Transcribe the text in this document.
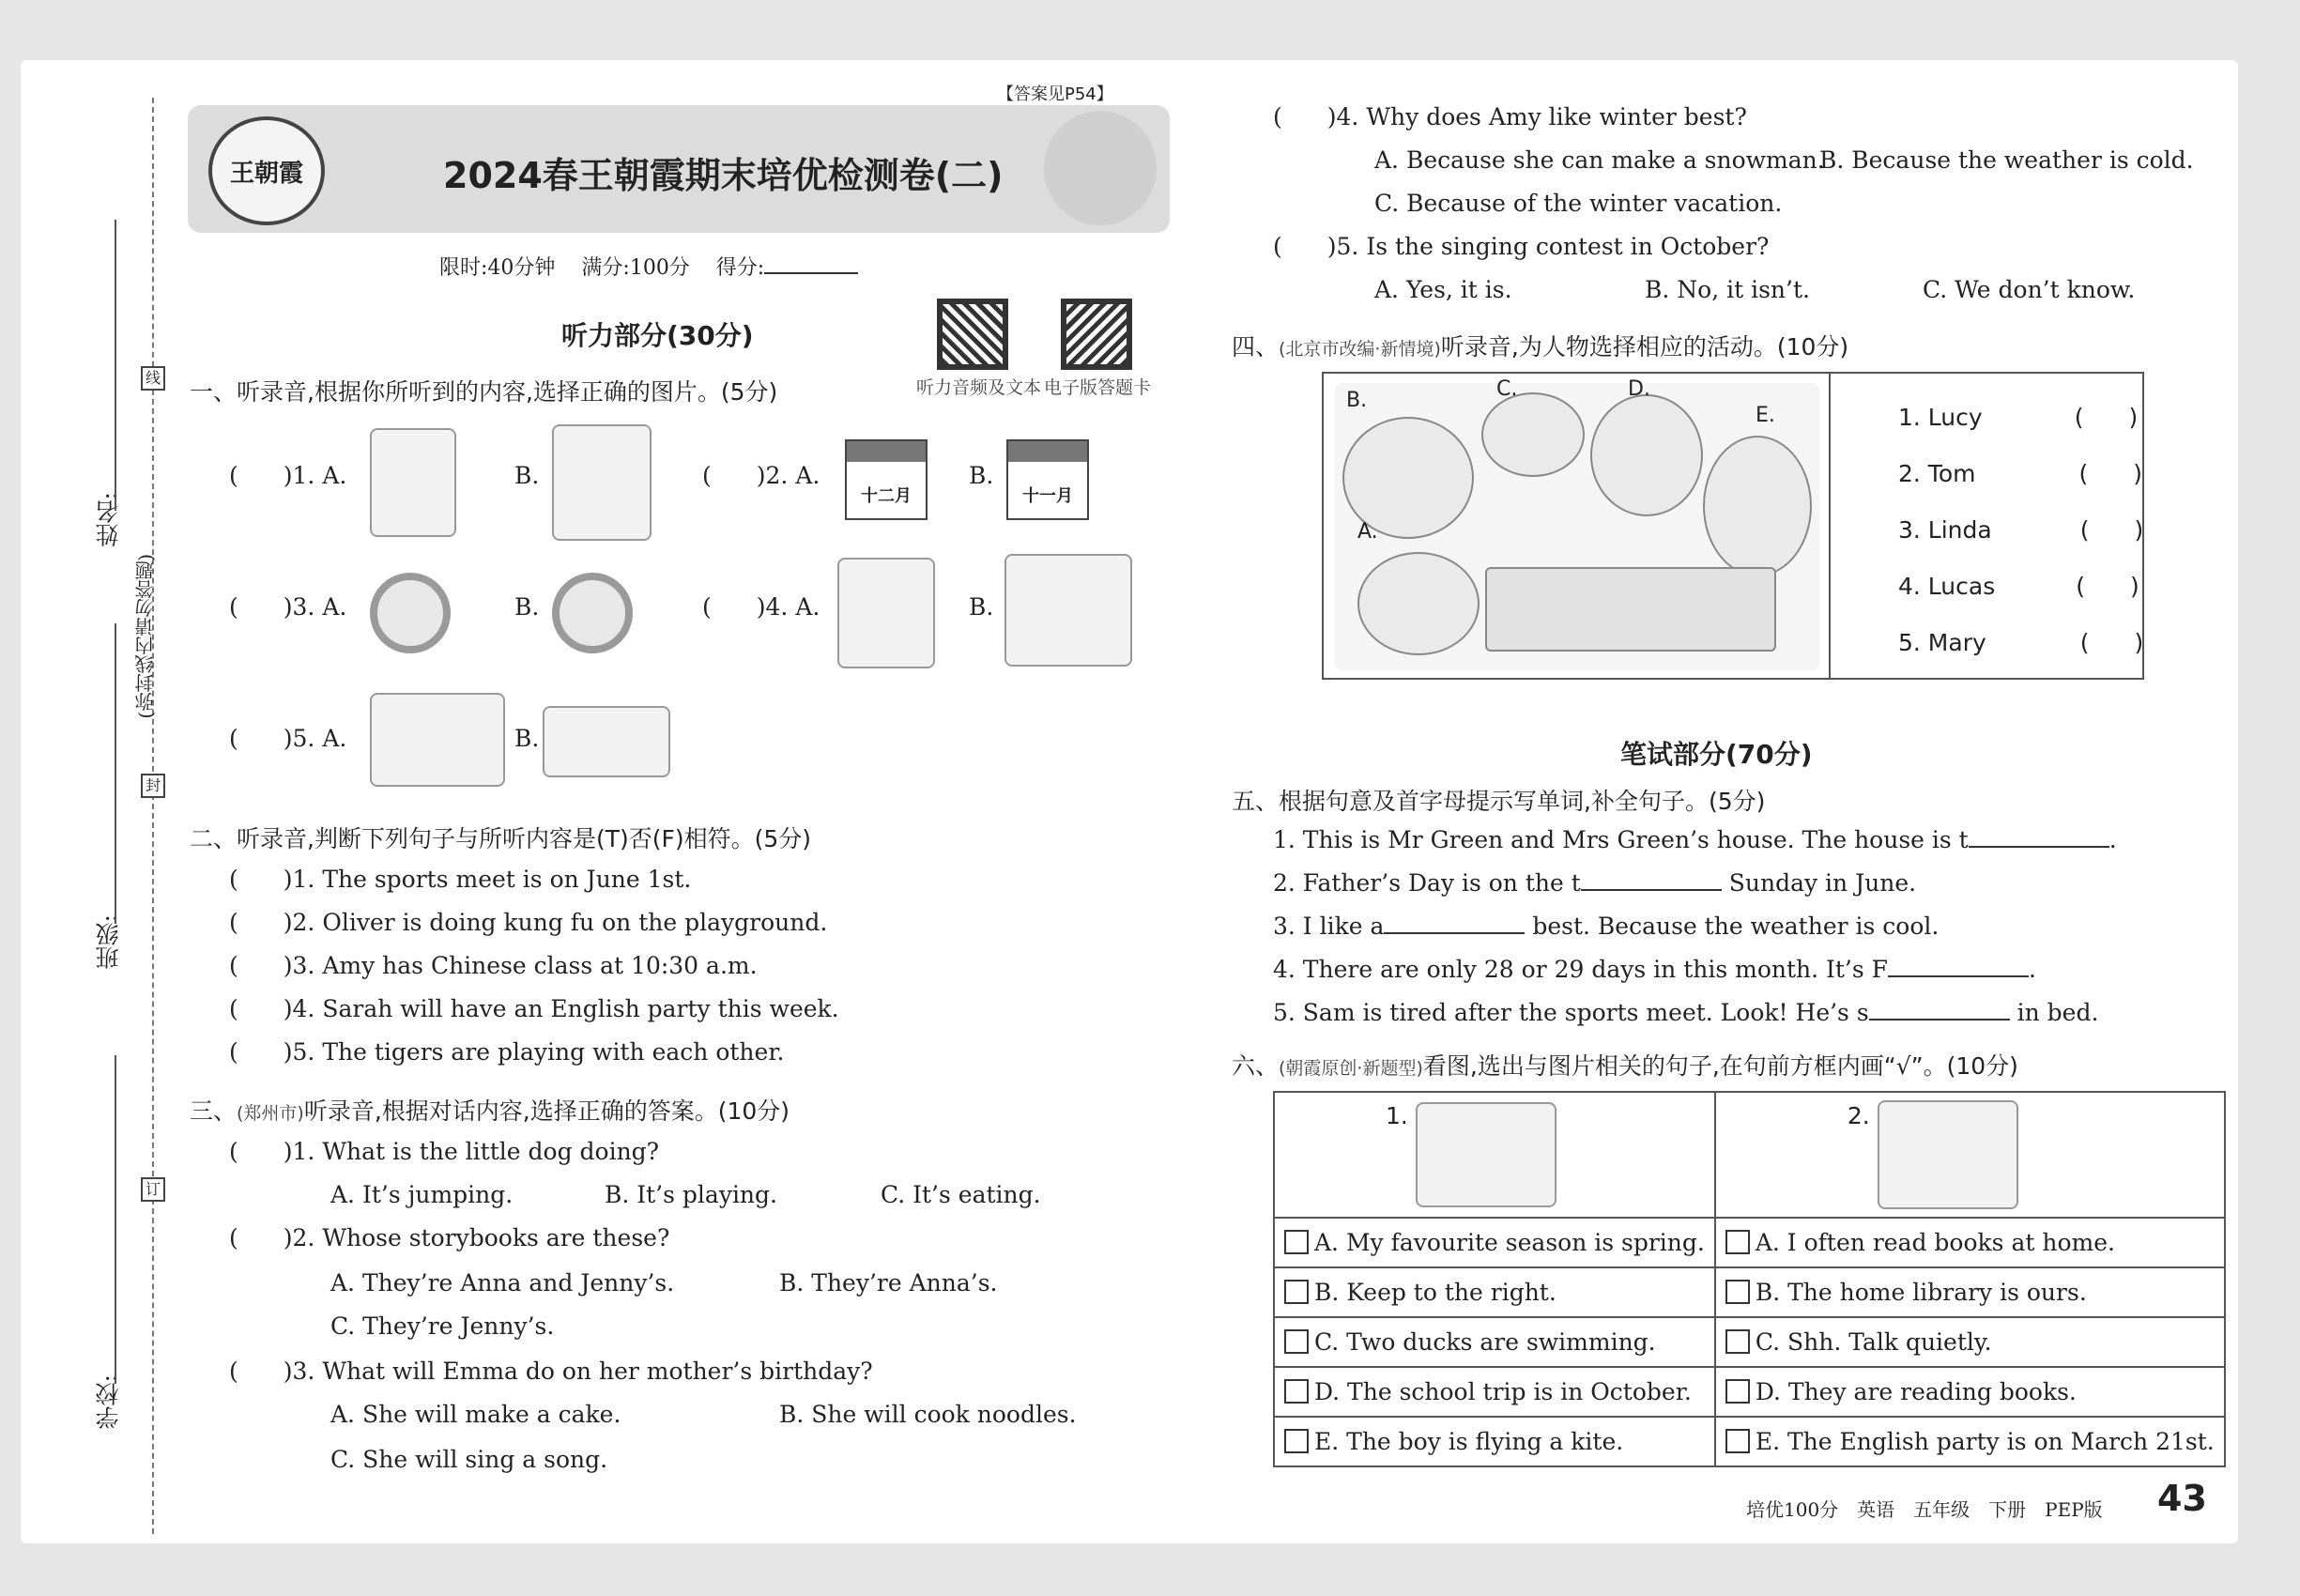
姓名:
班级:
学校:
(弥封线内请勿答题)
线
封
订
【答案见P54】
王朝霞	2024春王朝霞期末培优检测卷(二)
限时:40分钟 满分:100分 得分:
听力部分(30分)
听力音频及文本 电子版答题卡
一、听录音,根据你所听到的内容,选择正确的图片。(5分)
( )1. A.	B.	( )2. A.
十二月
B.
十一月
( )3. A.	B.	( )4. A.	B.
( )5. A.	B.
二、听录音,判断下列句子与所听内容是(T)否(F)相符。(5分)
( )1. The sports meet is on June 1st.
( )2. Oliver is doing kung fu on the playground.
( )3. Amy has Chinese class at 10:30 a.m.
( )4. Sarah will have an English party this week.
( )5. The tigers are playing with each other.
三、(郑州市)听录音,根据对话内容,选择正确的答案。(10分)
( )1. What is the little dog doing?
A. It’s jumping.	B. It’s playing.	C. It’s eating.
( )2. Whose storybooks are these?
A. They’re Anna and Jenny’s.	B. They’re Anna’s.
C. They’re Jenny’s.
( )3. What will Emma do on her mother’s birthday?
A. She will make a cake.	B. She will cook noodles.
C. She will sing a song.
( )4. Why does Amy like winter best?
A. Because she can make a snowman.
B. Because the weather is cold.
C. Because of the winter vacation.
( )5. Is the singing contest in October?
A. Yes, it is.	B. No, it isn’t.	C. We don’t know.
四、(北京市改编·新情境)听录音,为人物选择相应的活动。(10分)
B.	C.	D.
E.
A.
1. Lucy	( )
2. Tom	( )
3. Linda	( )
4. Lucas	( )
5. Mary	( )
笔试部分(70分)
五、根据句意及首字母提示写单词,补全句子。(5分)
1. This is Mr Green and Mrs Green’s house. The house is t	.
2. Father’s Day is on the t	Sunday in June.
3. I like a	best. Because the weather is cool.
4. There are only 28 or 29 days in this month. It’s F	.
5. Sam is tired after the sports meet. Look! He’s s	in bed.
六、(朝霞原创·新题型)看图,选出与图片相关的句子,在句前方框内画“√”。(10分)
1.	2.

A. My favourite season is spring.	A. I often read books at home.
B. Keep to the right.	B. The home library is ours.
C. Two ducks are swimming.	C. Shh. Talk quietly.
D. The school trip is in October.	D. They are reading books.
E. The boy is flying a kite.	E. The English party is on March 21st.
培优100分　英语　五年级　下册　PEP版 43
